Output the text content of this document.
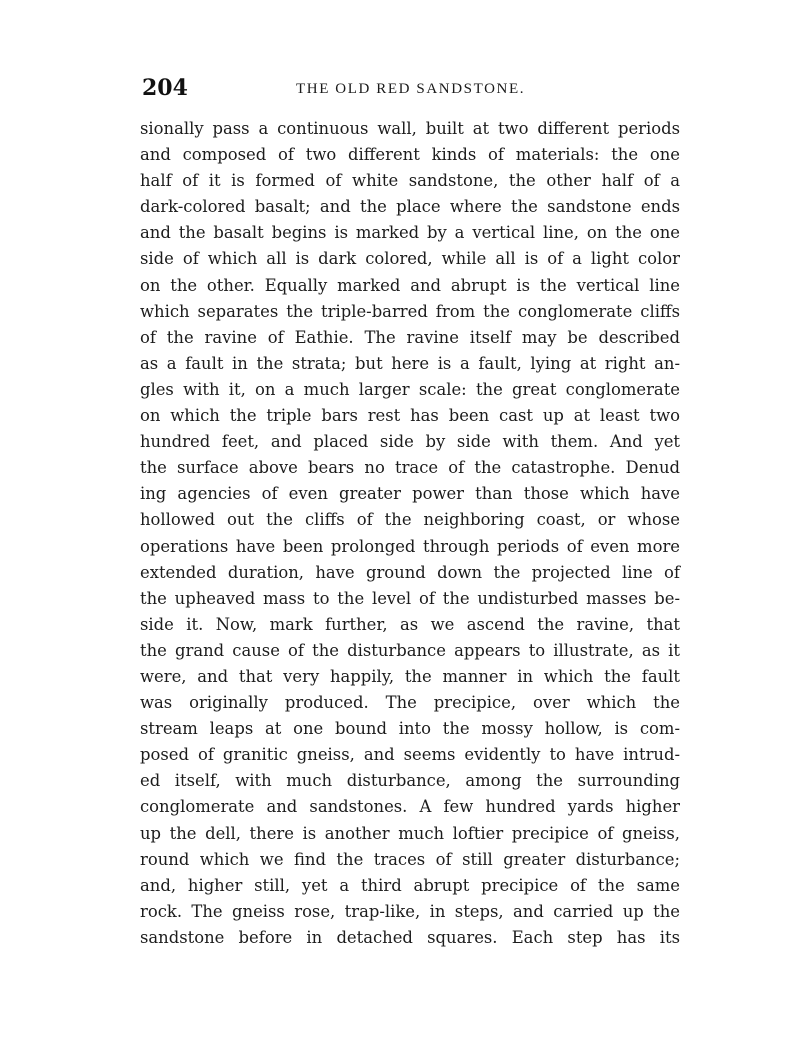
204	THE OLD RED SANDSTONE.
sionally pass a continuous wall, built at two different periods
and composed of two different kinds of materials: the one
half of it is formed of white sandstone, the other half of a
dark-colored basalt; and the place where the sandstone ends
and the basalt begins is marked by a vertical line, on the one
side of which all is dark colored, while all is of a light color
on the other. Equally marked and abrupt is the vertical line
which separates the triple-barred from the conglomerate cliffs
of the ravine of Eathie. The ravine itself may be described
as a fault in the strata; but here is a fault, lying at right an-
gles with it, on a much larger scale: the great conglomerate
on which the triple bars rest has been cast up at least two
hundred feet, and placed side by side with them. And yet
the surface above bears no trace of the catastrophe. Denud
ing agencies of even greater power than those which have
hollowed out the cliffs of the neighboring coast, or whose
operations have been prolonged through periods of even more
extended duration, have ground down the projected line of
the upheaved mass to the level of the undisturbed masses be-
side it. Now, mark further, as we ascend the ravine, that
the grand cause of the disturbance appears to illustrate, as it
were, and that very happily, the manner in which the fault
was originally produced. The precipice, over which the
stream leaps at one bound into the mossy hollow, is com-
posed of granitic gneiss, and seems evidently to have intrud-
ed itself, with much disturbance, among the surrounding
conglomerate and sandstones. A few hundred yards higher
up the dell, there is another much loftier precipice of gneiss,
round which we find the traces of still greater disturbance;
and, higher still, yet a third abrupt precipice of the same
rock. The gneiss rose, trap-like, in steps, and carried up the
sandstone before in detached squares. Each step has its
